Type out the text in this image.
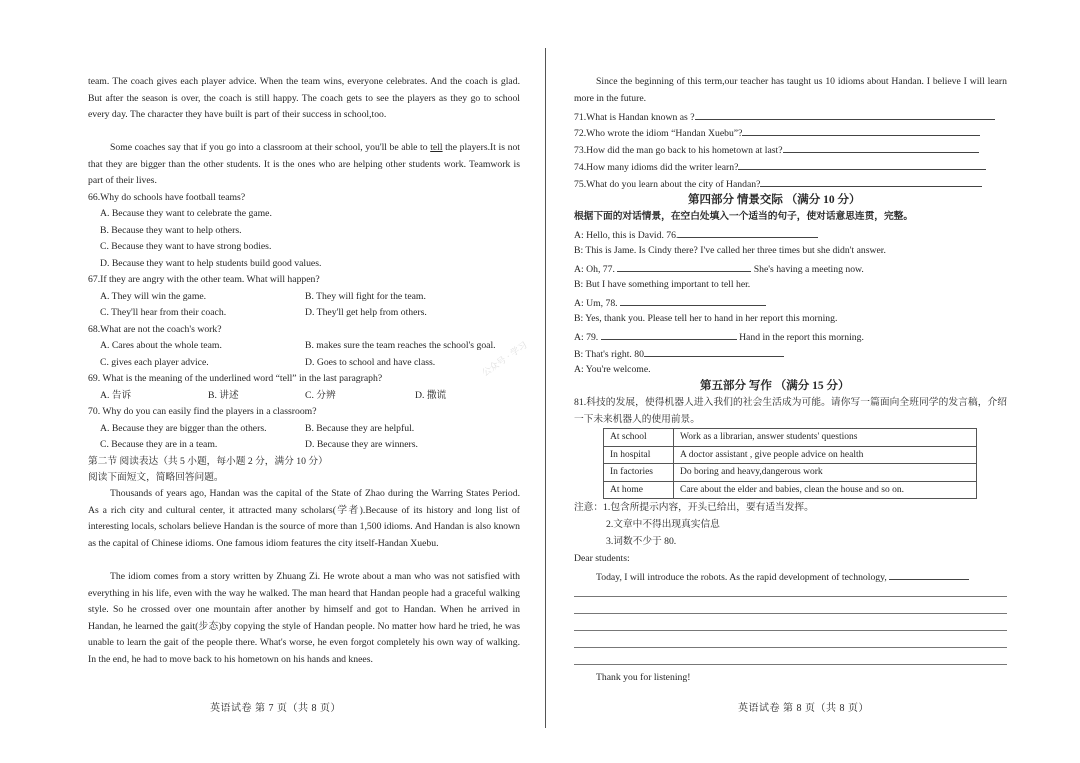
team. The coach gives each player advice. When the team wins, everyone celebrates. And the coach is glad. But after the season is over, the coach is still happy. The coach gets to see the players as they go to school every day. The character they have built is part of their success in school,too.
Some coaches say that if you go into a classroom at their school, you'll be able to tell the players.It is not that they are bigger than the other students. It is the ones who are helping other students work. Teamwork is part of their lives.
66.Why do schools have football teams?
A. Because they want to celebrate the game.
B. Because they want to help others.
C. Because they want to have strong bodies.
D. Because they want to help students build good values.
67.If they are angry with the other team. What will happen?
A. They will win the game.	B. They will fight for the team.
C. They'll hear from their coach.	D. They'll get help from others.
68.What are not the coach's work?
A. Cares about the whole team.	B. makes sure the team reaches the school's goal.
C. gives each player advice.	D. Goes to school and have class.
69. What is the meaning of the underlined word “tell” in the last paragraph?
A. 告诉	B. 讲述	C. 分辨	D. 撒谎
70. Why do you can easily find the players in a classroom?
A. Because they are bigger than the others.	B. Because they are helpful.
C. Because they are in a team.	D. Because they are winners.
第二节 阅读表达（共 5 小题，每小题 2 分，满分 10 分）
阅读下面短文，简略回答问题。
Thousands of years ago, Handan was the capital of the State of Zhao during the Warring States Period. As a rich city and cultural center, it attracted many scholars(学者).Because of its history and long list of interesting locals, scholars believe Handan is the source of more than 1,500 idioms. And Handan is also known as the capital of Chinese idioms. One famous idiom features the city itself-Handan Xuebu.
The idiom comes from a story written by Zhuang Zi. He wrote about a man who was not satisfied with everything in his life, even with the way he walked. The man heard that Handan people had a graceful walking style. So he crossed over one mountain after another by himself and got to Handan. When he arrived in Handan, he learned the gait(步态)by copying the style of Handan people. No matter how hard he tried, he was unable to learn the gait of the people there. What's worse, he even forgot completely his own way of walking. In the end, he had to move back to his hometown on his hands and knees.
英语试卷 第 7 页（共 8 页）
公众号 · 学习
Since the beginning of this term,our teacher has taught us 10 idioms about Handan. I believe I will learn more in the future.
71.What is Handan known as ?
72.Who wrote the idiom “Handan Xuebu”?
73.How did the man go back to his hometown at last?
74.How many idioms did the writer learn?
75.What do you learn about the city of Handan?
第四部分 情景交际 （满分 10 分）
根据下面的对话情景，在空白处填入一个适当的句子，使对话意思连贯，完整。
A: Hello, this is David. 76.
B: This is Jame. Is Cindy there? I've called her three times but she didn't answer.
A: Oh, 77.	She's having a meeting now.
B: But I have something important to tell her.
A: Um, 78.
B: Yes, thank you. Please tell her to hand in her report this morning.
A: 79.	Hand in the report this morning.
B: That's right. 80
A: You're welcome.
第五部分 写作 （满分 15 分）
81.科技的发展，使得机器人进入我们的社会生活成为可能。请你写一篇面向全班同学的发言稿，介绍一下未来机器人的使用前景。
At school	Work as a librarian, answer students' questions
In hospital	A doctor assistant , give people advice on health
In factories	Do boring and heavy,dangerous work
At home	Care about the elder and babies, clean the house and so on.
注意：1.包含所提示内容，开头已给出，要有适当发挥。
2.文章中不得出现真实信息
3.词数不少于 80.
Dear students:
Today, I will introduce the robots. As the rapid development of technology,
Thank you for listening!
英语试卷 第 8 页（共 8 页）
